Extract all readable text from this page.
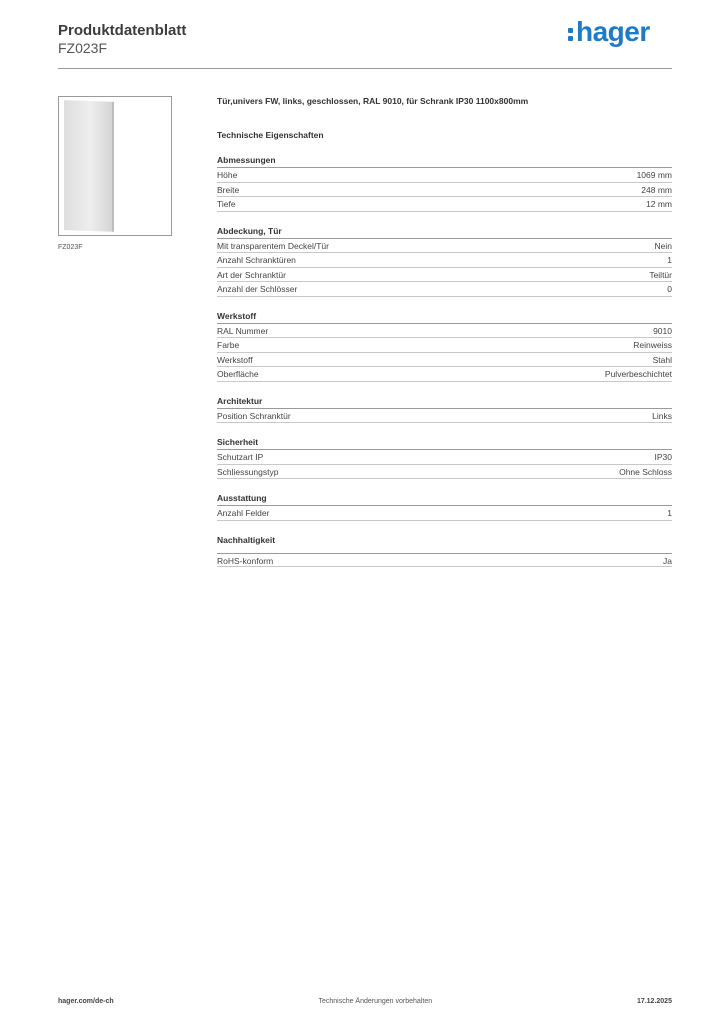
Produktdatenblatt
FZ023F
hager
FZ023F
Tür,univers FW, links, geschlossen, RAL 9010, für Schrank IP30 1100x800mm
Technische Eigenschaften
Abmessungen
Höhe	1069 mm
Breite	248 mm
Tiefe	12 mm
Abdeckung, Tür
Mit transparentem Deckel/Tür	Nein
Anzahl Schranktüren	1
Art der Schranktür	Teiltür
Anzahl der Schlösser	0
Werkstoff
RAL Nummer	9010
Farbe	Reinweiss
Werkstoff	Stahl
Oberfläche	Pulverbeschichtet
Architektur
Position Schranktür	Links
Sicherheit
Schutzart IP	IP30
Schliessungstyp	Ohne Schloss
Ausstattung
Anzahl Felder	1
Nachhaltigkeit
RoHS-konform	Ja
hager.com/de-ch	Technische Änderungen vorbehalten	17.12.2025
